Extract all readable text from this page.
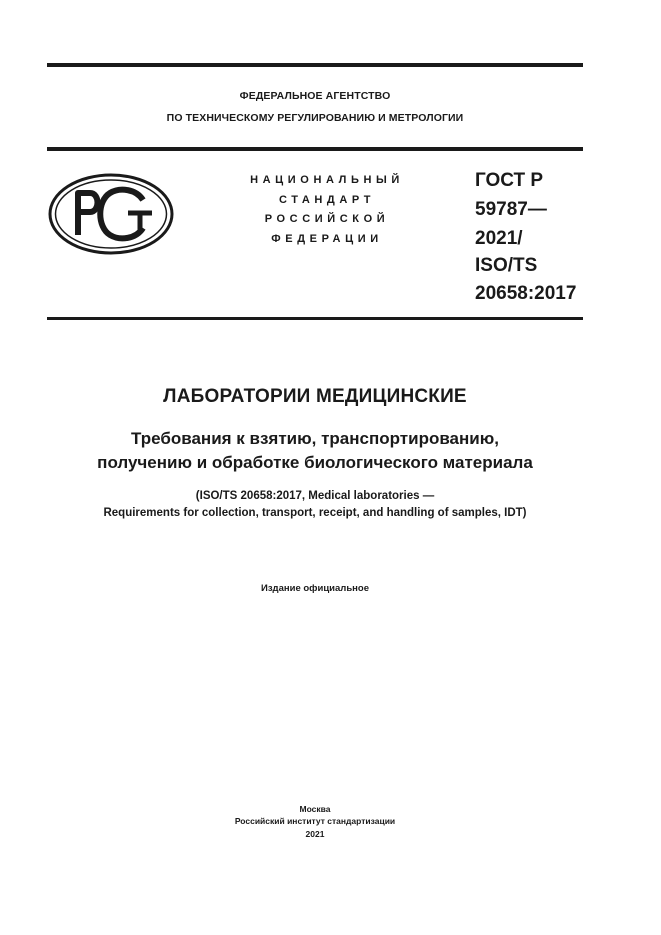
ФЕДЕРАЛЬНОЕ АГЕНТСТВО
ПО ТЕХНИЧЕСКОМУ РЕГУЛИРОВАНИЮ И МЕТРОЛОГИИ
НАЦИОНАЛЬНЫЙ
СТАНДАРТ
РОССИЙСКОЙ
ФЕДЕРАЦИИ
ГОСТ Р
59787—
2021/
ISO/TS
20658:2017
ЛАБОРАТОРИИ МЕДИЦИНСКИЕ
Требования к взятию, транспортированию,
получению и обработке биологического материала
(ISO/TS 20658:2017, Medical laboratories —
Requirements for collection, transport, receipt, and handling of samples, IDT)
Издание официальное
Москва
Российский институт стандартизации
2021
